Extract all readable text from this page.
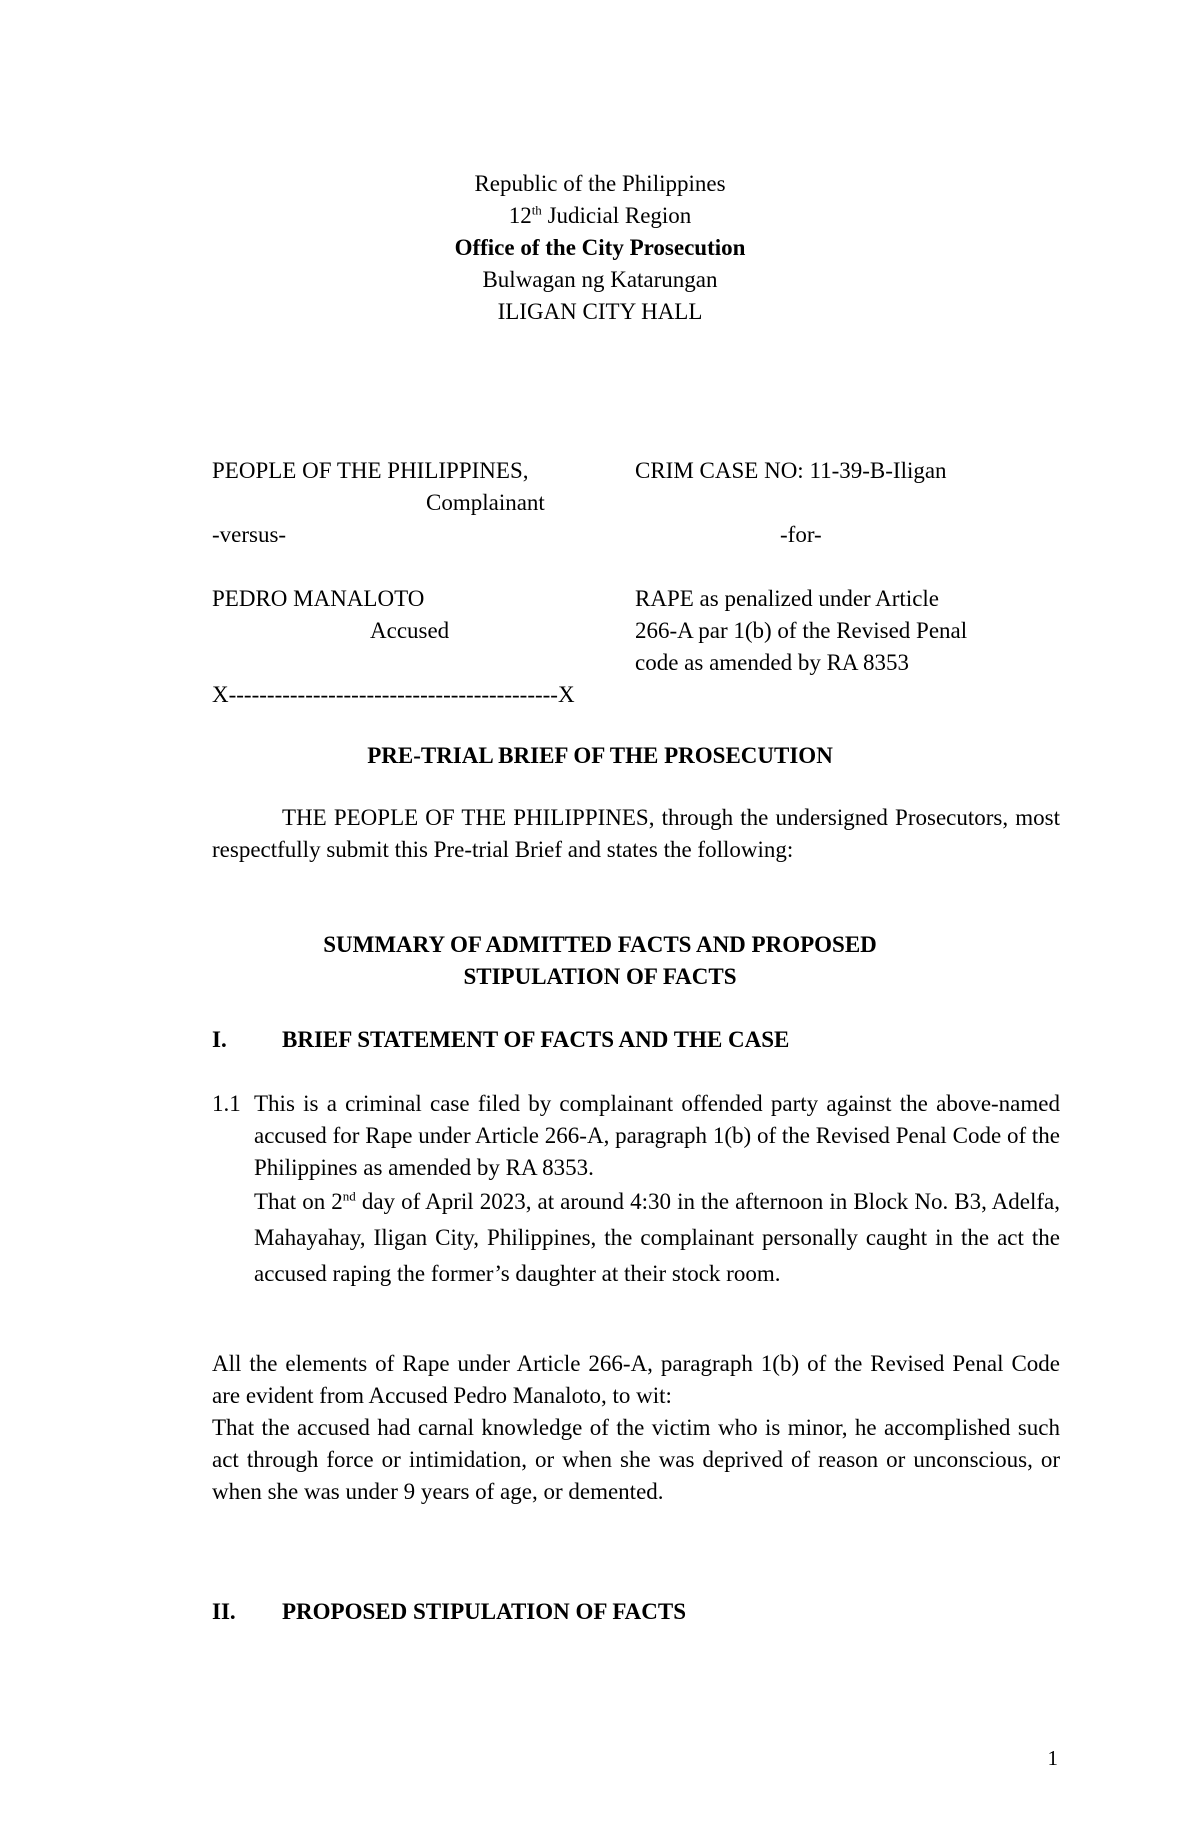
Republic of the Philippines
12th Judicial Region
Office of the City Prosecution
Bulwagan ng Katarungan
ILIGAN CITY HALL
PEOPLE OF THE PHILIPPINES,
Complainant
-versus-
PEDRO MANALOTO
Accused
X-------------------------------------------X
CRIM CASE NO: 11-39-B-Iligan
-for-
RAPE as penalized under Article
266-A par 1(b) of the Revised Penal
code as amended by RA 8353
PRE-TRIAL BRIEF OF THE PROSECUTION
THE PEOPLE OF THE PHILIPPINES, through the undersigned Prosecutors, most respectfully submit this Pre-trial Brief and states the following:
SUMMARY OF ADMITTED FACTS AND PROPOSED
STIPULATION OF FACTS
I. BRIEF STATEMENT OF FACTS AND THE CASE
1.1 This is a criminal case filed by complainant offended party against the above-named accused for Rape under Article 266-A, paragraph 1(b) of the Revised Penal Code of the Philippines as amended by RA 8353.
That on 2nd day of April 2023, at around 4:30 in the afternoon in Block No. B3, Adelfa, Mahayahay, Iligan City, Philippines, the complainant personally caught in the act the accused raping the former’s daughter at their stock room.
All the elements of Rape under Article 266-A, paragraph 1(b) of the Revised Penal Code are evident from Accused Pedro Manaloto, to wit:
That the accused had carnal knowledge of the victim who is minor, he accomplished such act through force or intimidation, or when she was deprived of reason or unconscious, or when she was under 9 years of age, or demented.
II. PROPOSED STIPULATION OF FACTS
1
